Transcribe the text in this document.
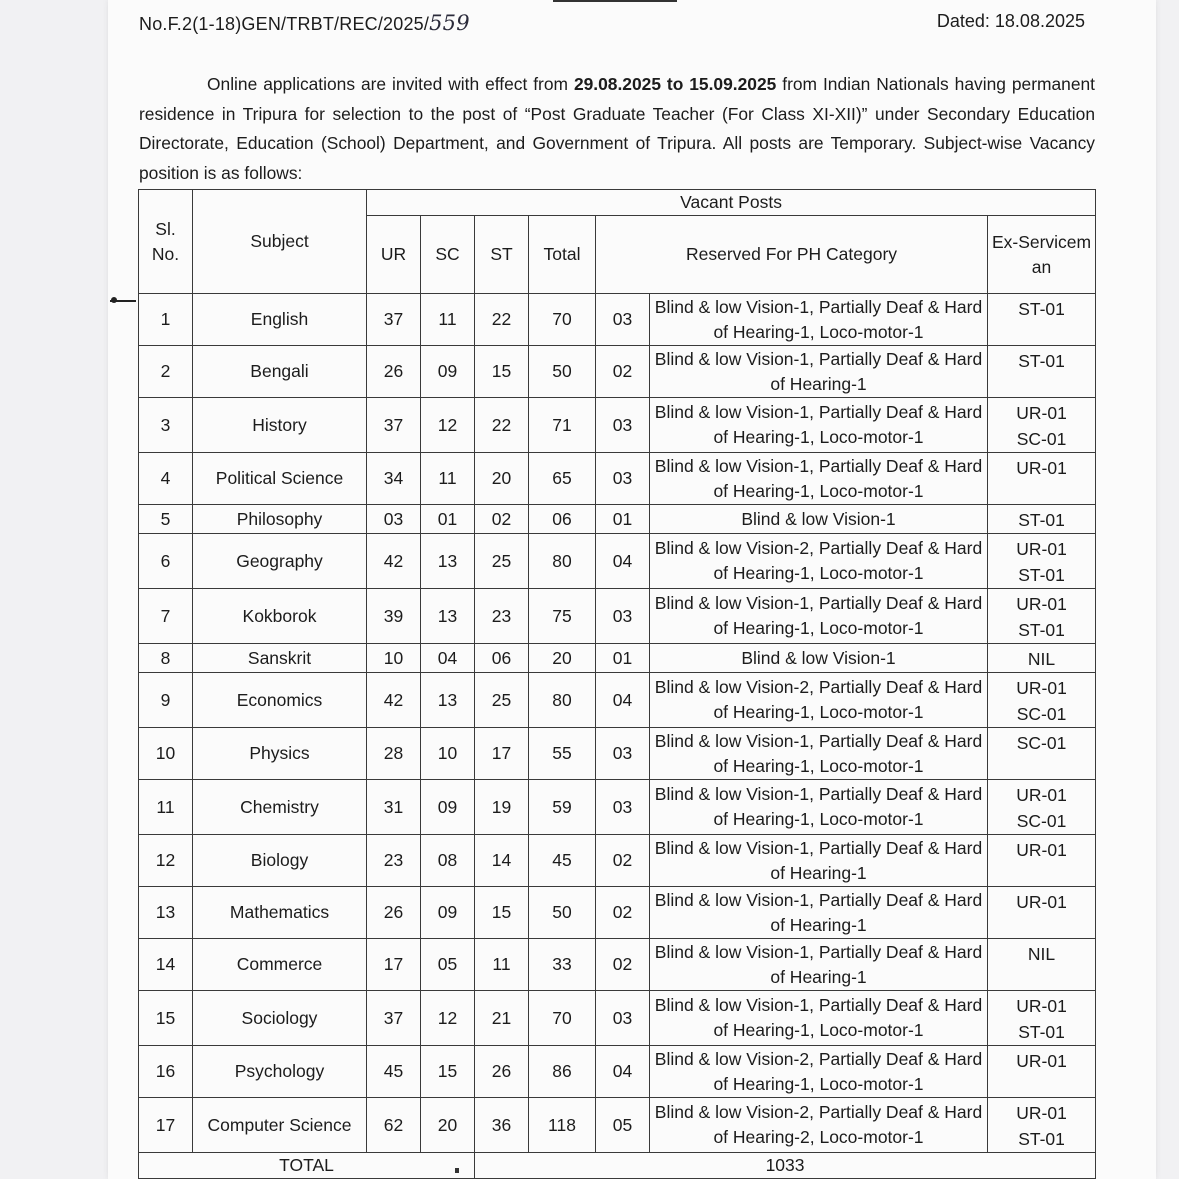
No.F.2(1-18)GEN/TRBT/REC/2025/559	Dated: 18.08.2025
Online applications are invited with effect from 29.08.2025 to 15.09.2025 from Indian Nationals having permanent residence in Tripura for selection to the post of “Post Graduate Teacher (For Class XI-XII)” under Secondary Education Directorate, Education (School) Department, and Government of Tripura. All posts are Temporary. Subject-wise Vacancy position is as follows:
Sl. No.	Subject	Vacant Posts						
		UR	SC	ST	Total	Reserved For PH Category		Ex-Servicem an
1	English	37	11	22	70	03	Blind & low Vision-1, Partially Deaf & Hard of Hearing-1, Loco-motor-1	ST-01
2	Bengali	26	09	15	50	02	Blind & low Vision-1, Partially Deaf & Hard of Hearing-1	ST-01
3	History	37	12	22	71	03	Blind & low Vision-1, Partially Deaf & Hard of Hearing-1, Loco-motor-1	UR-01
SC-01
4	Political Science	34	11	20	65	03	Blind & low Vision-1, Partially Deaf & Hard of Hearing-1, Loco-motor-1	UR-01
5	Philosophy	03	01	02	06	01	Blind & low Vision-1	ST-01
6	Geography	42	13	25	80	04	Blind & low Vision-2, Partially Deaf & Hard of Hearing-1, Loco-motor-1	UR-01
ST-01
7	Kokborok	39	13	23	75	03	Blind & low Vision-1, Partially Deaf & Hard of Hearing-1, Loco-motor-1	UR-01
ST-01
8	Sanskrit	10	04	06	20	01	Blind & low Vision-1	NIL
9	Economics	42	13	25	80	04	Blind & low Vision-2, Partially Deaf & Hard of Hearing-1, Loco-motor-1	UR-01
SC-01
10	Physics	28	10	17	55	03	Blind & low Vision-1, Partially Deaf & Hard of Hearing-1, Loco-motor-1	SC-01
11	Chemistry	31	09	19	59	03	Blind & low Vision-1, Partially Deaf & Hard of Hearing-1, Loco-motor-1	UR-01
SC-01
12	Biology	23	08	14	45	02	Blind & low Vision-1, Partially Deaf & Hard of Hearing-1	UR-01
13	Mathematics	26	09	15	50	02	Blind & low Vision-1, Partially Deaf & Hard of Hearing-1	UR-01
14	Commerce	17	05	11	33	02	Blind & low Vision-1, Partially Deaf & Hard of Hearing-1	NIL
15	Sociology	37	12	21	70	03	Blind & low Vision-1, Partially Deaf & Hard of Hearing-1, Loco-motor-1	UR-01
ST-01
16	Psychology	45	15	26	86	04	Blind & low Vision-2, Partially Deaf & Hard of Hearing-1, Loco-motor-1	UR-01
17	Computer Science	62	20	36	118	05	Blind & low Vision-2, Partially Deaf & Hard of Hearing-2, Loco-motor-1	UR-01
ST-01
TOTAL				1033				
